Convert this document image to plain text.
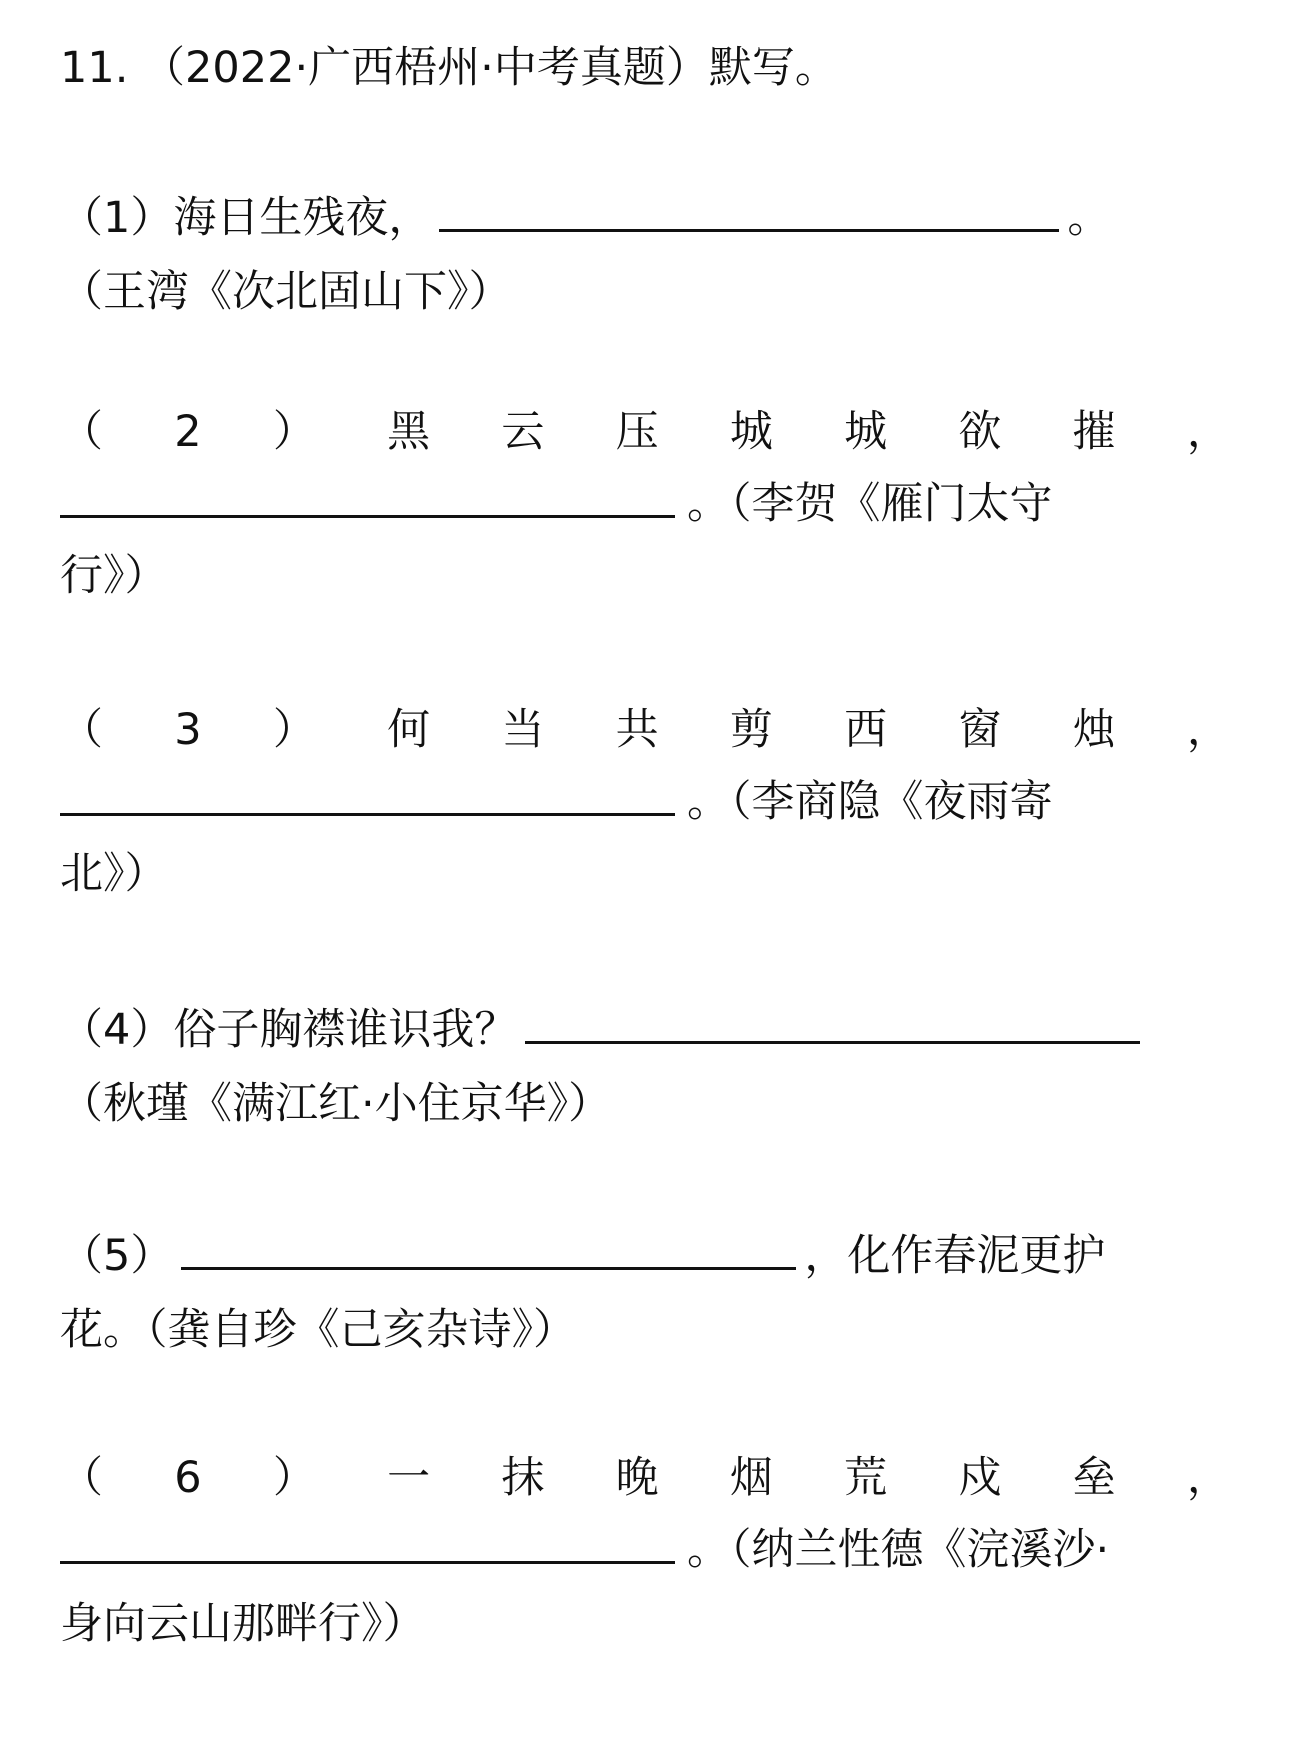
11. （2022·广西梧州·中考真题）默写。
（1）海日生残夜，	。
（王湾《次北固山下》）
（ 2 ） 黑 云 压 城 城 欲 摧 ，
。（李贺《雁门太守
行》）
（ 3 ） 何 当 共 剪 西 窗 烛 ，
。（李商隐《夜雨寄
北》）
（4）俗子胸襟谁识我？
（秋瑾《满江红·小住京华》）
（5）	，化作春泥更护
花。（龚自珍《己亥杂诗》）
（ 6 ） 一 抹 晚 烟 荒 戍 垒 ，
。（纳兰性德《浣溪沙·
身向云山那畔行》）
